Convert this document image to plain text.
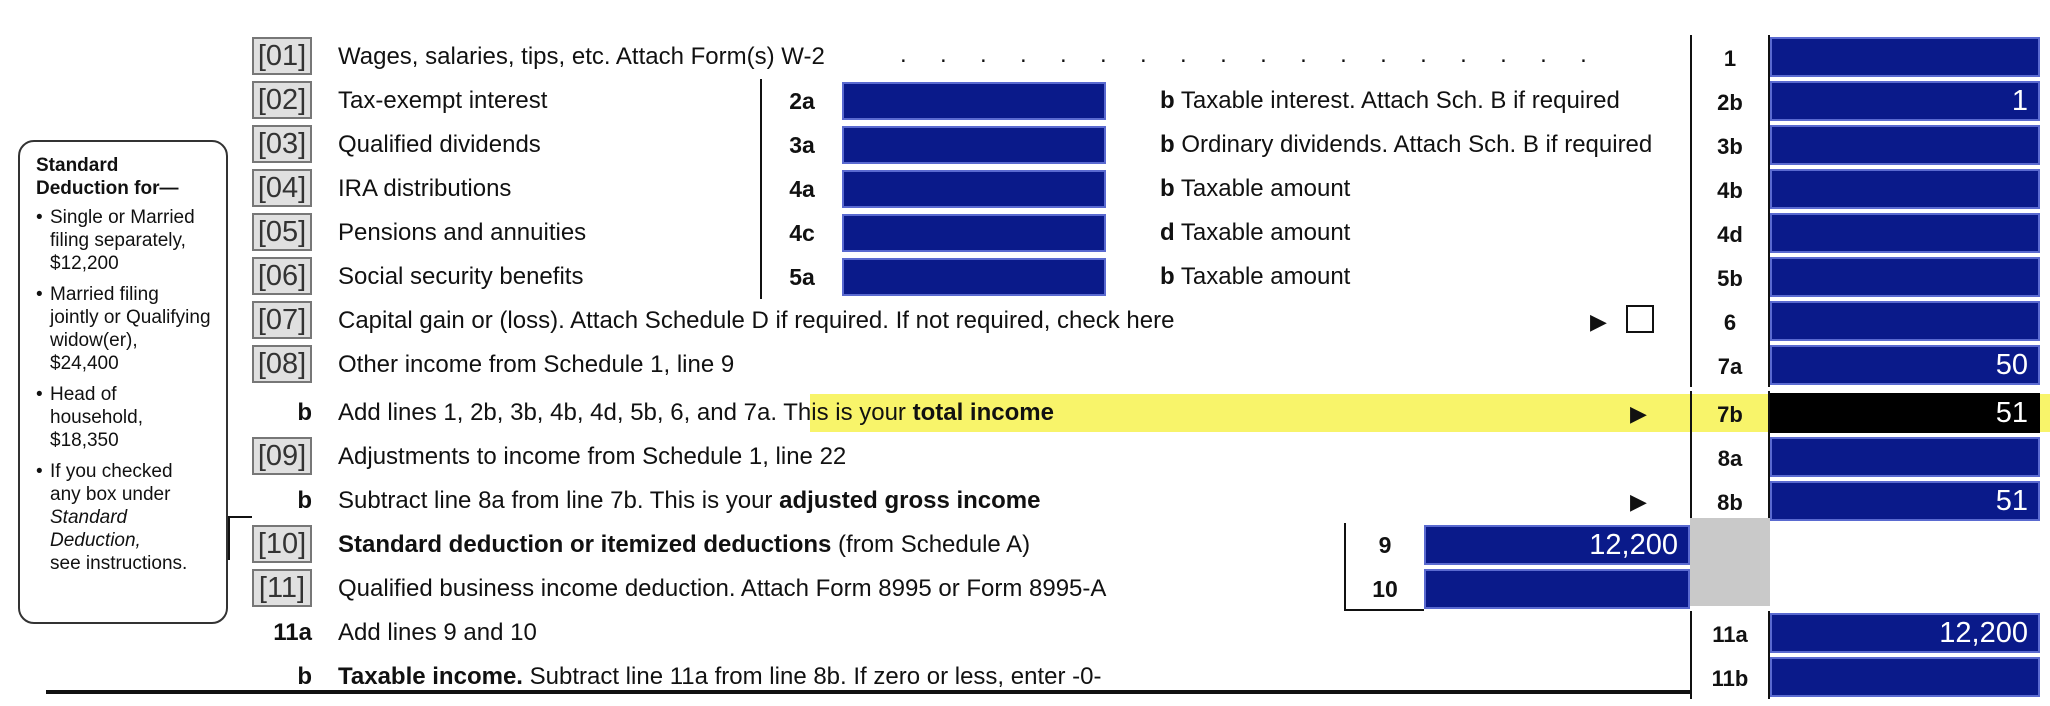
Standard
Deduction for—
• Single or Married
filing separately,
$12,200
• Married filing
jointly or Qualifying
widow(er),
$24,400
• Head of
household,
$18,350
• If you checked
any box under
Standard
Deduction,
see instructions.
[01] Wages, salaries, tips, etc. Attach Form(s) W-2	.     .     .     .     .     .     .     .     .     .     .     .     .     .     .     .     .     .	1
[02] Tax-exempt interest	2a	b Taxable interest. Attach Sch. B if required	2b	1
[03] Qualified dividends	3a	b Ordinary dividends. Attach Sch. B if required	3b
[04] IRA distributions	4a	b Taxable amount	4b
[05] Pensions and annuities	4c	d Taxable amount	4d
[06] Social security benefits	5a	b Taxable amount	5b
[07] Capital gain or (loss). Attach Schedule D if required. If not required, check here	▶	6
[08] Other income from Schedule 1, line 9	7a	50
b Add lines 1, 2b, 3b, 4b, 4d, 5b, 6, and 7a. This is your total income	▶	7b	51
[09] Adjustments to income from Schedule 1, line 22	8a
b Subtract line 8a from line 7b. This is your adjusted gross income	▶	8b	51
[10] Standard deduction or itemized deductions (from Schedule A)	9	12,200
[11] Qualified business income deduction. Attach Form 8995 or Form 8995-A	10
11a Add lines 9 and 10	11a	12,200
b Taxable income. Subtract line 11a from line 8b. If zero or less, enter -0-	11b
